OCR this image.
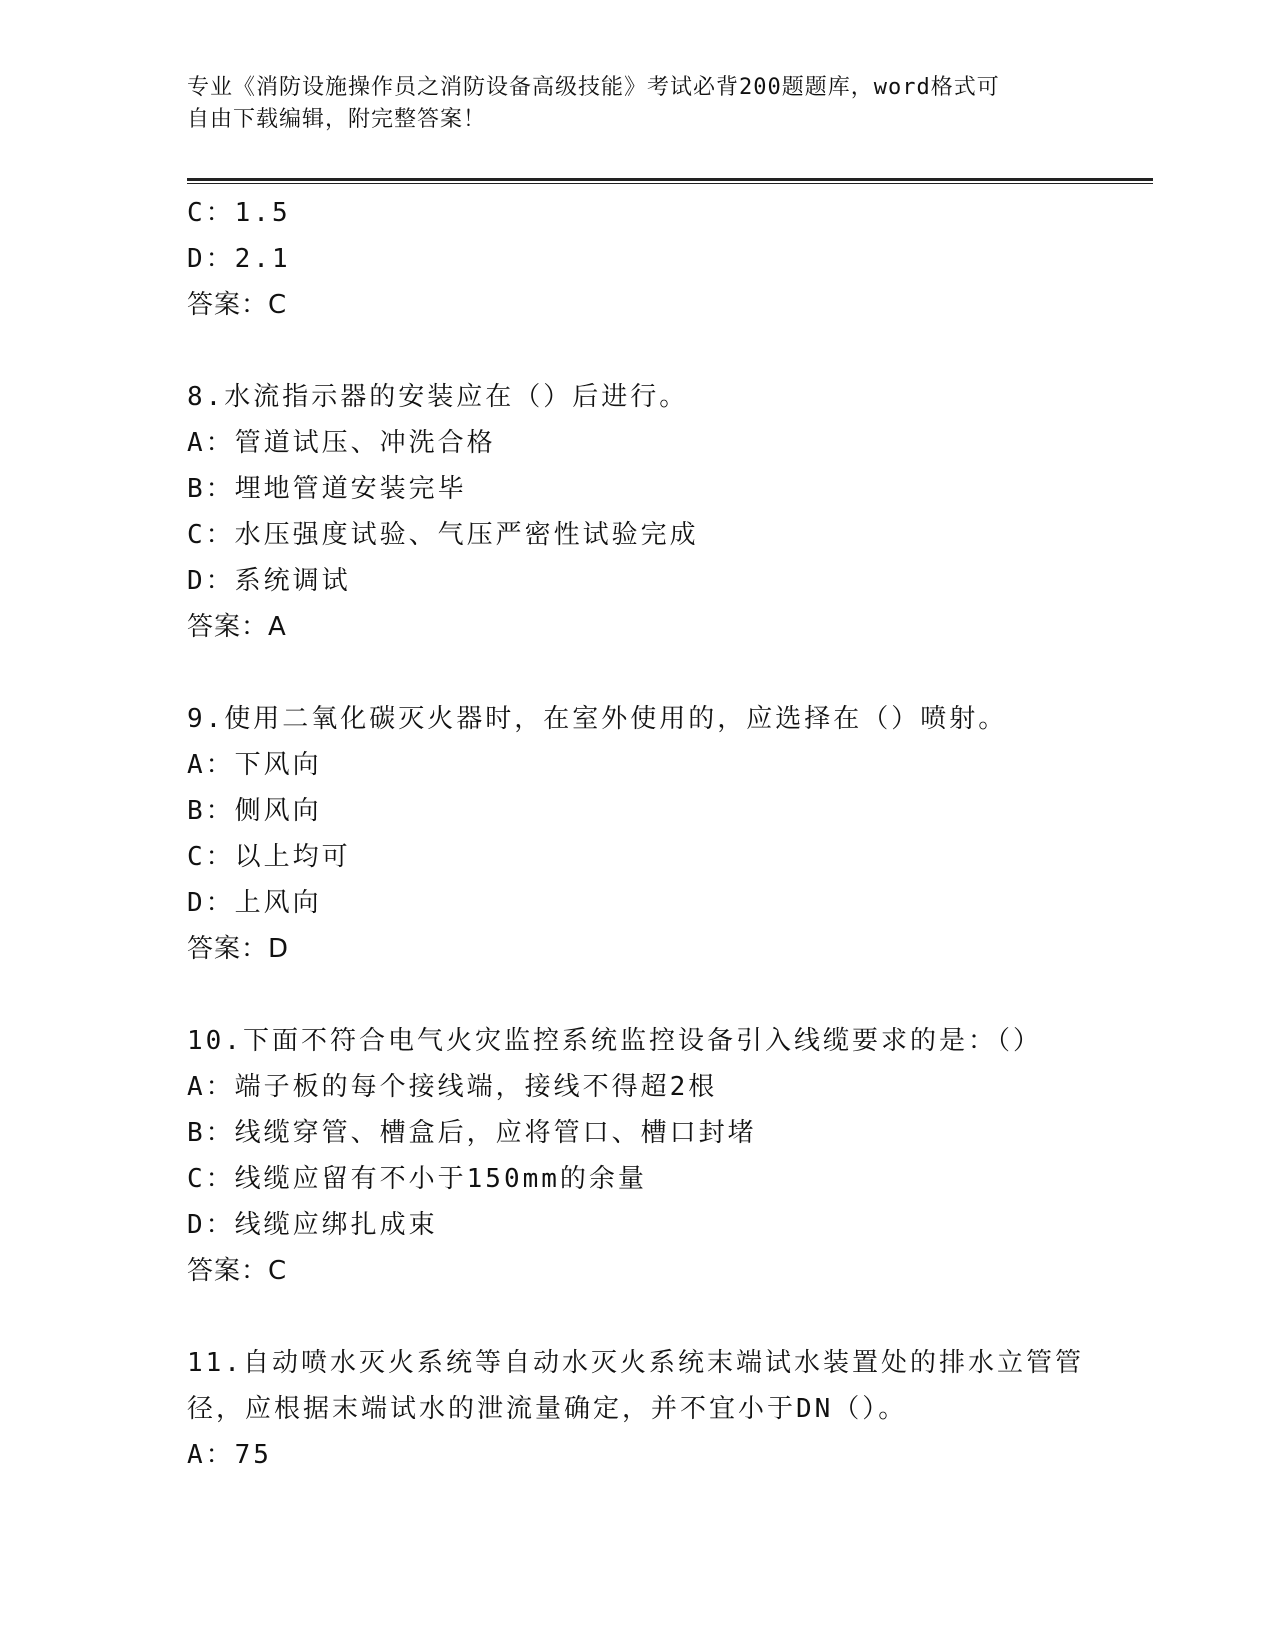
专业《消防设施操作员之消防设备高级技能》考试必背200题题库，word格式可
自由下载编辑，附完整答案！
C：1.5
D：2.1
答案：C
8.水流指示器的安装应在（）后进行。
A：管道试压、冲洗合格
B：埋地管道安装完毕
C：水压强度试验、气压严密性试验完成
D：系统调试
答案：A
9.使用二氧化碳灭火器时，在室外使用的，应选择在（）喷射。
A：下风向
B：侧风向
C：以上均可
D：上风向
答案：D
10.下面不符合电气火灾监控系统监控设备引入线缆要求的是：（）
A：端子板的每个接线端，接线不得超2根
B：线缆穿管、槽盒后，应将管口、槽口封堵
C：线缆应留有不小于150mm的余量
D：线缆应绑扎成束
答案：C
11.自动喷水灭火系统等自动水灭火系统末端试水装置处的排水立管管
径，应根据末端试水的泄流量确定，并不宜小于DN（）。
A：75
